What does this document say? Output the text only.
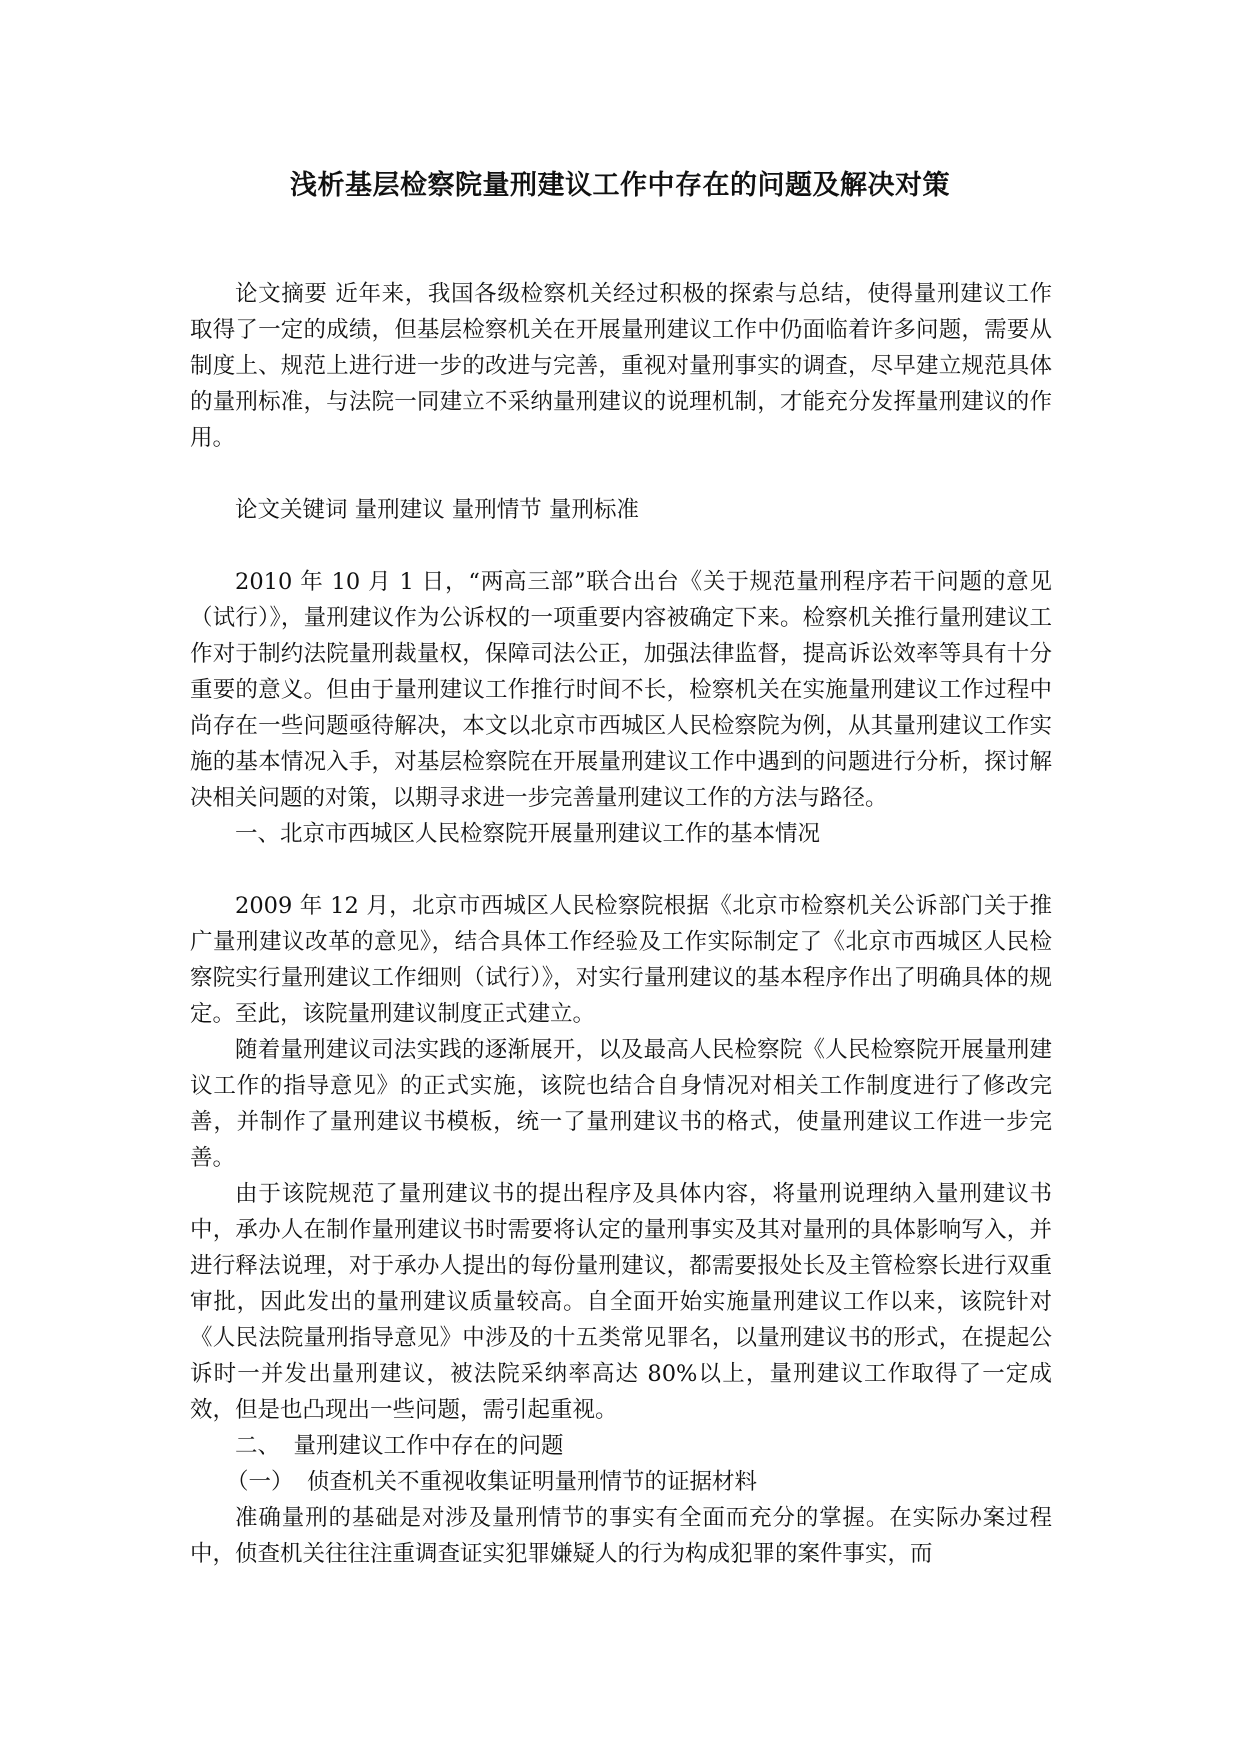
浅析基层检察院量刑建议工作中存在的问题及解决对策

论文摘要 近年来，我国各级检察机关经过积极的探索与总结，使得量刑建议工作取得了一定的成绩，但基层检察机关在开展量刑建议工作中仍面临着许多问题，需要从制度上、规范上进行进一步的改进与完善，重视对量刑事实的调查，尽早建立规范具体的量刑标准，与法院一同建立不采纳量刑建议的说理机制，才能充分发挥量刑建议的作用。

论文关键词 量刑建议 量刑情节 量刑标准

2010 年 10 月 1 日，“两高三部”联合出台《关于规范量刑程序若干问题的意见（试行）》，量刑建议作为公诉权的一项重要内容被确定下来。检察机关推行量刑建议工作对于制约法院量刑裁量权，保障司法公正，加强法律监督，提高诉讼效率等具有十分重要的意义。但由于量刑建议工作推行时间不长，检察机关在实施量刑建议工作过程中尚存在一些问题亟待解决，本文以北京市西城区人民检察院为例，从其量刑建议工作实施的基本情况入手，对基层检察院在开展量刑建议工作中遇到的问题进行分析，探讨解决相关问题的对策，以期寻求进一步完善量刑建议工作的方法与路径。

一、北京市西城区人民检察院开展量刑建议工作的基本情况

2009 年 12 月，北京市西城区人民检察院根据《北京市检察机关公诉部门关于推广量刑建议改革的意见》，结合具体工作经验及工作实际制定了《北京市西城区人民检察院实行量刑建议工作细则（试行）》，对实行量刑建议的基本程序作出了明确具体的规定。至此，该院量刑建议制度正式建立。

随着量刑建议司法实践的逐渐展开，以及最高人民检察院《人民检察院开展量刑建议工作的指导意见》的正式实施，该院也结合自身情况对相关工作制度进行了修改完善，并制作了量刑建议书模板，统一了量刑建议书的格式，使量刑建议工作进一步完善。

由于该院规范了量刑建议书的提出程序及具体内容，将量刑说理纳入量刑建议书中，承办人在制作量刑建议书时需要将认定的量刑事实及其对量刑的具体影响写入，并进行释法说理，对于承办人提出的每份量刑建议，都需要报处长及主管检察长进行双重审批，因此发出的量刑建议质量较高。自全面开始实施量刑建议工作以来，该院针对《人民法院量刑指导意见》中涉及的十五类常见罪名，以量刑建议书的形式，在提起公诉时一并发出量刑建议，被法院采纳率高达 80%以上，量刑建议工作取得了一定成效，但是也凸现出一些问题，需引起重视。

二、 量刑建议工作中存在的问题

（一） 侦查机关不重视收集证明量刑情节的证据材料

准确量刑的基础是对涉及量刑情节的事实有全面而充分的掌握。在实际办案过程中，侦查机关往往注重调查证实犯罪嫌疑人的行为构成犯罪的案件事实，而
